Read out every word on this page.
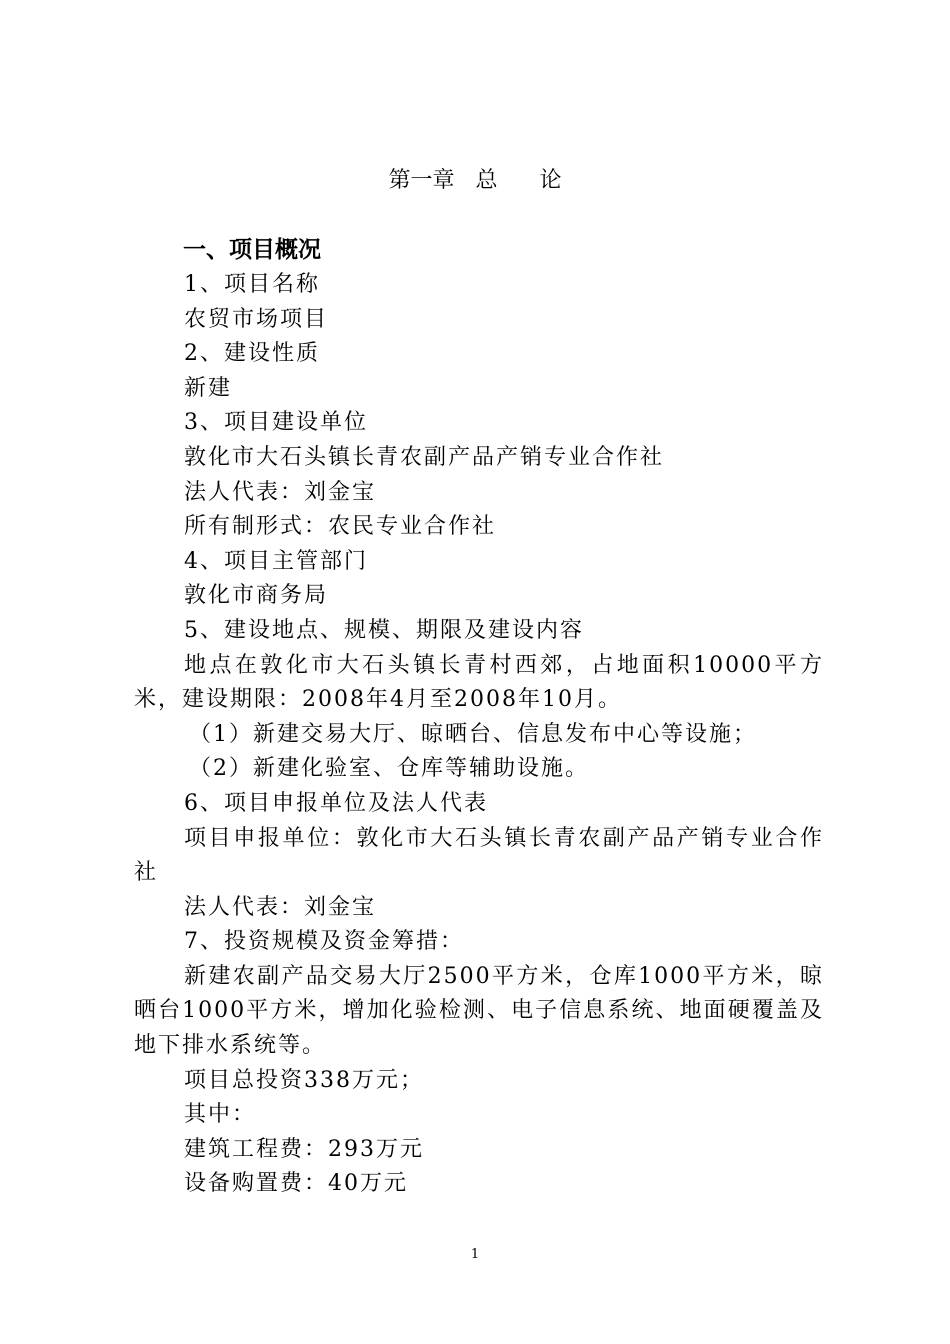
第一章   总      论
一、项目概况

1、项目名称

农贸市场项目

2、建设性质

新建

3、项目建设单位

敦化市大石头镇长青农副产品产销专业合作社

法人代表：刘金宝

所有制形式：农民专业合作社

4、项目主管部门

敦化市商务局

5、建设地点、规模、期限及建设内容

地点在敦化市大石头镇长青村西郊，占地面积10000平方米，建设期限：2008年4月至2008年10月。

（1）新建交易大厅、晾晒台、信息发布中心等设施；

（2）新建化验室、仓库等辅助设施。

6、项目申报单位及法人代表

项目申报单位：敦化市大石头镇长青农副产品产销专业合作社

法人代表：刘金宝

7、投资规模及资金筹措：

新建农副产品交易大厅2500平方米，仓库1000平方米，晾晒台1000平方米，增加化验检测、电子信息系统、地面硬覆盖及地下排水系统等。

项目总投资338万元；

其中：

建筑工程费：293万元

设备购置费：40万元

1
